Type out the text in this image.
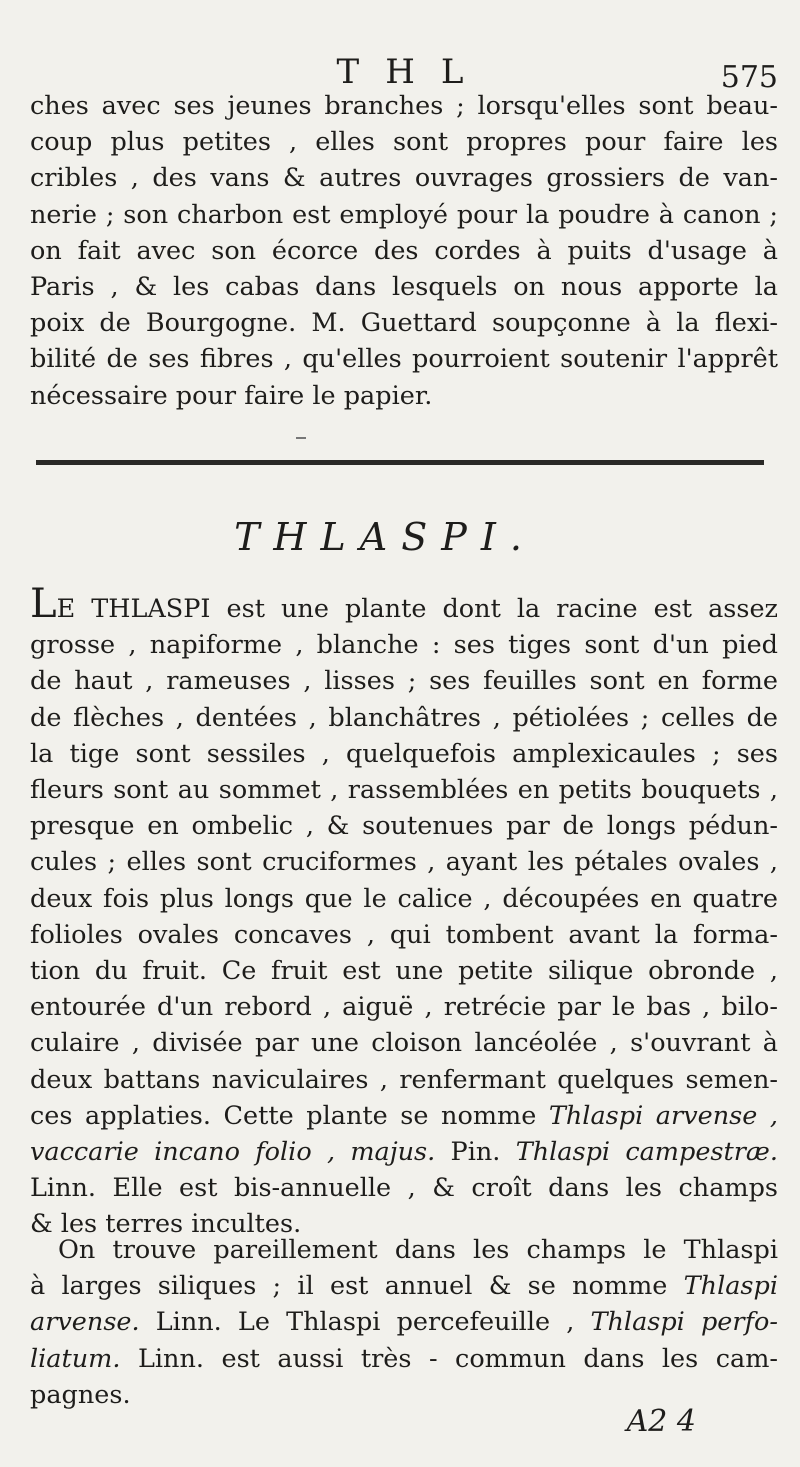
THL	575
ches avec ses jeunes branches ; lorsqu'elles sont beau-
coup plus petites , elles sont propres pour faire les
cribles , des vans & autres ouvrages grossiers de van-
nerie ; son charbon est employé pour la poudre à canon ;
on fait avec son écorce des cordes à puits d'usage à
Paris , & les cabas dans lesquels on nous apporte la
poix de Bourgogne. M. Guettard soupçonne à la flexi-
bilité de ses fibres , qu'elles pourroient soutenir l'apprêt
nécessaire pour faire le papier.
THLASPI.
LE THLASPI est une plante dont la racine est assez
grosse , napiforme , blanche : ses tiges sont d'un pied
de haut , rameuses , lisses ; ses feuilles sont en forme
de flèches , dentées , blanchâtres , pétiolées ; celles de
la tige sont sessiles , quelquefois amplexicaules ; ses
fleurs sont au sommet , rassemblées en petits bouquets ,
presque en ombelic , & soutenues par de longs pédun-
cules ; elles sont cruciformes , ayant les pétales ovales ,
deux fois plus longs que le calice , découpées en quatre
folioles ovales concaves , qui tombent avant la forma-
tion du fruit. Ce fruit est une petite silique obronde ,
entourée d'un rebord , aiguë , retrécie par le bas , bilo-
culaire , divisée par une cloison lancéolée , s'ouvrant à
deux battans naviculaires , renfermant quelques semen-
ces applaties. Cette plante se nomme Thlaspi arvense ,
vaccarie incano folio , majus. Pin. Thlaspi campestræ.
Linn. Elle est bis-annuelle , & croît dans les champs
& les terres incultes.
On trouve pareillement dans les champs le Thlaspi
à larges siliques ; il est annuel & se nomme Thlaspi
arvense. Linn. Le Thlaspi percefeuille , Thlaspi perfo-
liatum. Linn. est aussi très - commun dans les cam-
pagnes.
A2 4
